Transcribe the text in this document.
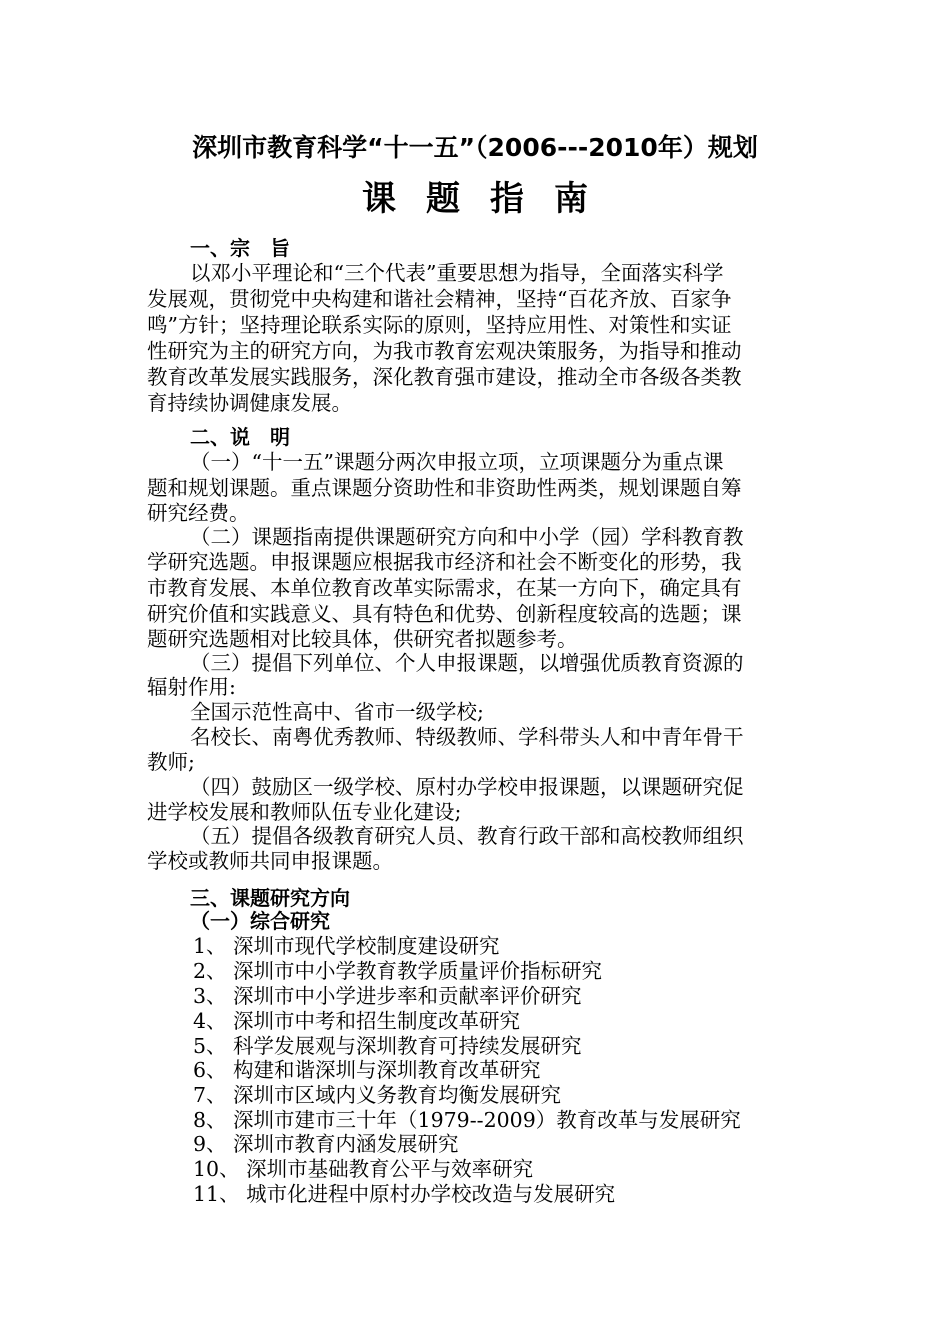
深圳市教育科学“十一五”（2006---2010年）规划
课题指南
一、宗　旨
以邓小平理论和“三个代表”重要思想为指导，全面落实科学
发展观，贯彻党中央构建和谐社会精神，坚持“百花齐放、百家争
鸣”方针；坚持理论联系实际的原则，坚持应用性、对策性和实证
性研究为主的研究方向，为我市教育宏观决策服务，为指导和推动
教育改革发展实践服务，深化教育强市建设，推动全市各级各类教
育持续协调健康发展。
二、说　明
（一）“十一五”课题分两次申报立项，立项课题分为重点课
题和规划课题。重点课题分资助性和非资助性两类，规划课题自筹
研究经费。
（二）课题指南提供课题研究方向和中小学（园）学科教育教
学研究选题。申报课题应根据我市经济和社会不断变化的形势，我
市教育发展、本单位教育改革实际需求，在某一方向下，确定具有
研究价值和实践意义、具有特色和优势、创新程度较高的选题；课
题研究选题相对比较具体，供研究者拟题参考。
（三）提倡下列单位、个人申报课题，以增强优质教育资源的
辐射作用:
全国示范性高中、省市一级学校;
名校长、南粤优秀教师、特级教师、学科带头人和中青年骨干
教师;
（四）鼓励区一级学校、原村办学校申报课题，以课题研究促
进学校发展和教师队伍专业化建设;
（五）提倡各级教育研究人员、教育行政干部和高校教师组织
学校或教师共同申报课题。
三、课题研究方向
（一）综合研究
1、 深圳市现代学校制度建设研究
2、 深圳市中小学教育教学质量评价指标研究
3、 深圳市中小学进步率和贡献率评价研究
4、 深圳市中考和招生制度改革研究
5、 科学发展观与深圳教育可持续发展研究
6、 构建和谐深圳与深圳教育改革研究
7、 深圳市区域内义务教育均衡发展研究
8、 深圳市建市三十年（1979--2009）教育改革与发展研究
9、 深圳市教育内涵发展研究
10、 深圳市基础教育公平与效率研究
11、 城市化进程中原村办学校改造与发展研究
